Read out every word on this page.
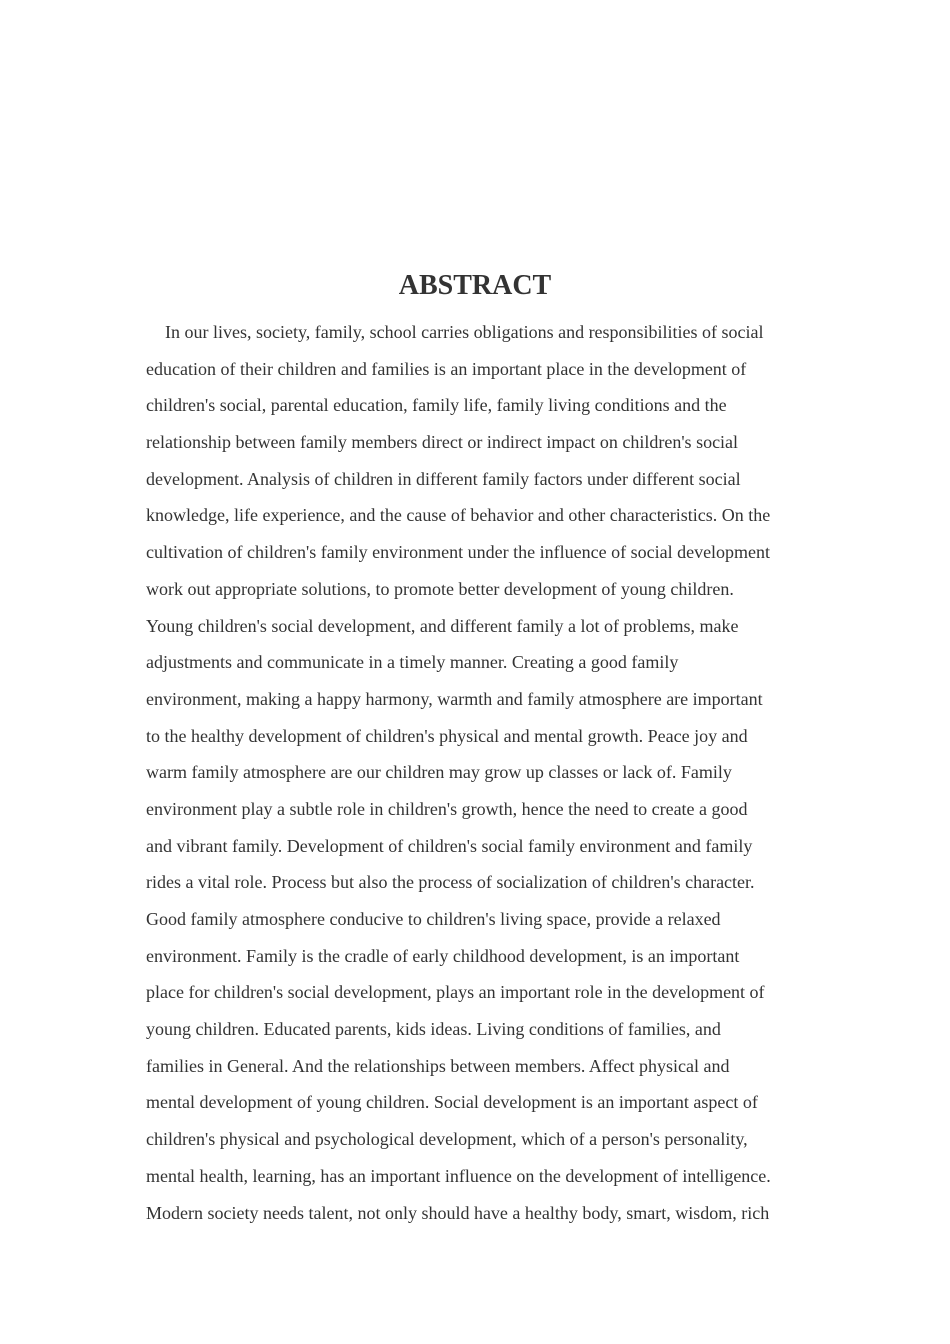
ABSTRACT
In our lives, society, family, school carries obligations and responsibilities of social
education of their children and families is an important place in the development of
children's social, parental education, family life, family living conditions and the
relationship between family members direct or indirect impact on children's social
development. Analysis of children in different family factors under different social
knowledge, life experience, and the cause of behavior and other characteristics. On the
cultivation of children's family environment under the influence of social development
work out appropriate solutions, to promote better development of young children.
Young children's social development, and different family a lot of problems, make
adjustments and communicate in a timely manner. Creating a good family
environment, making a happy harmony, warmth and family atmosphere are important
to the healthy development of children's physical and mental growth. Peace joy and
warm family atmosphere are our children may grow up classes or lack of. Family
environment play a subtle role in children's growth, hence the need to create a good
and vibrant family. Development of children's social family environment and family
rides a vital role. Process but also the process of socialization of children's character.
Good family atmosphere conducive to children's living space, provide a relaxed
environment. Family is the cradle of early childhood development, is an important
place for children's social development, plays an important role in the development of
young children. Educated parents, kids ideas. Living conditions of families, and
families in General. And the relationships between members. Affect physical and
mental development of young children. Social development is an important aspect of
children's physical and psychological development, which of a person's personality,
mental health, learning, has an important influence on the development of intelligence.
Modern society needs talent, not only should have a healthy body, smart, wisdom, rich
